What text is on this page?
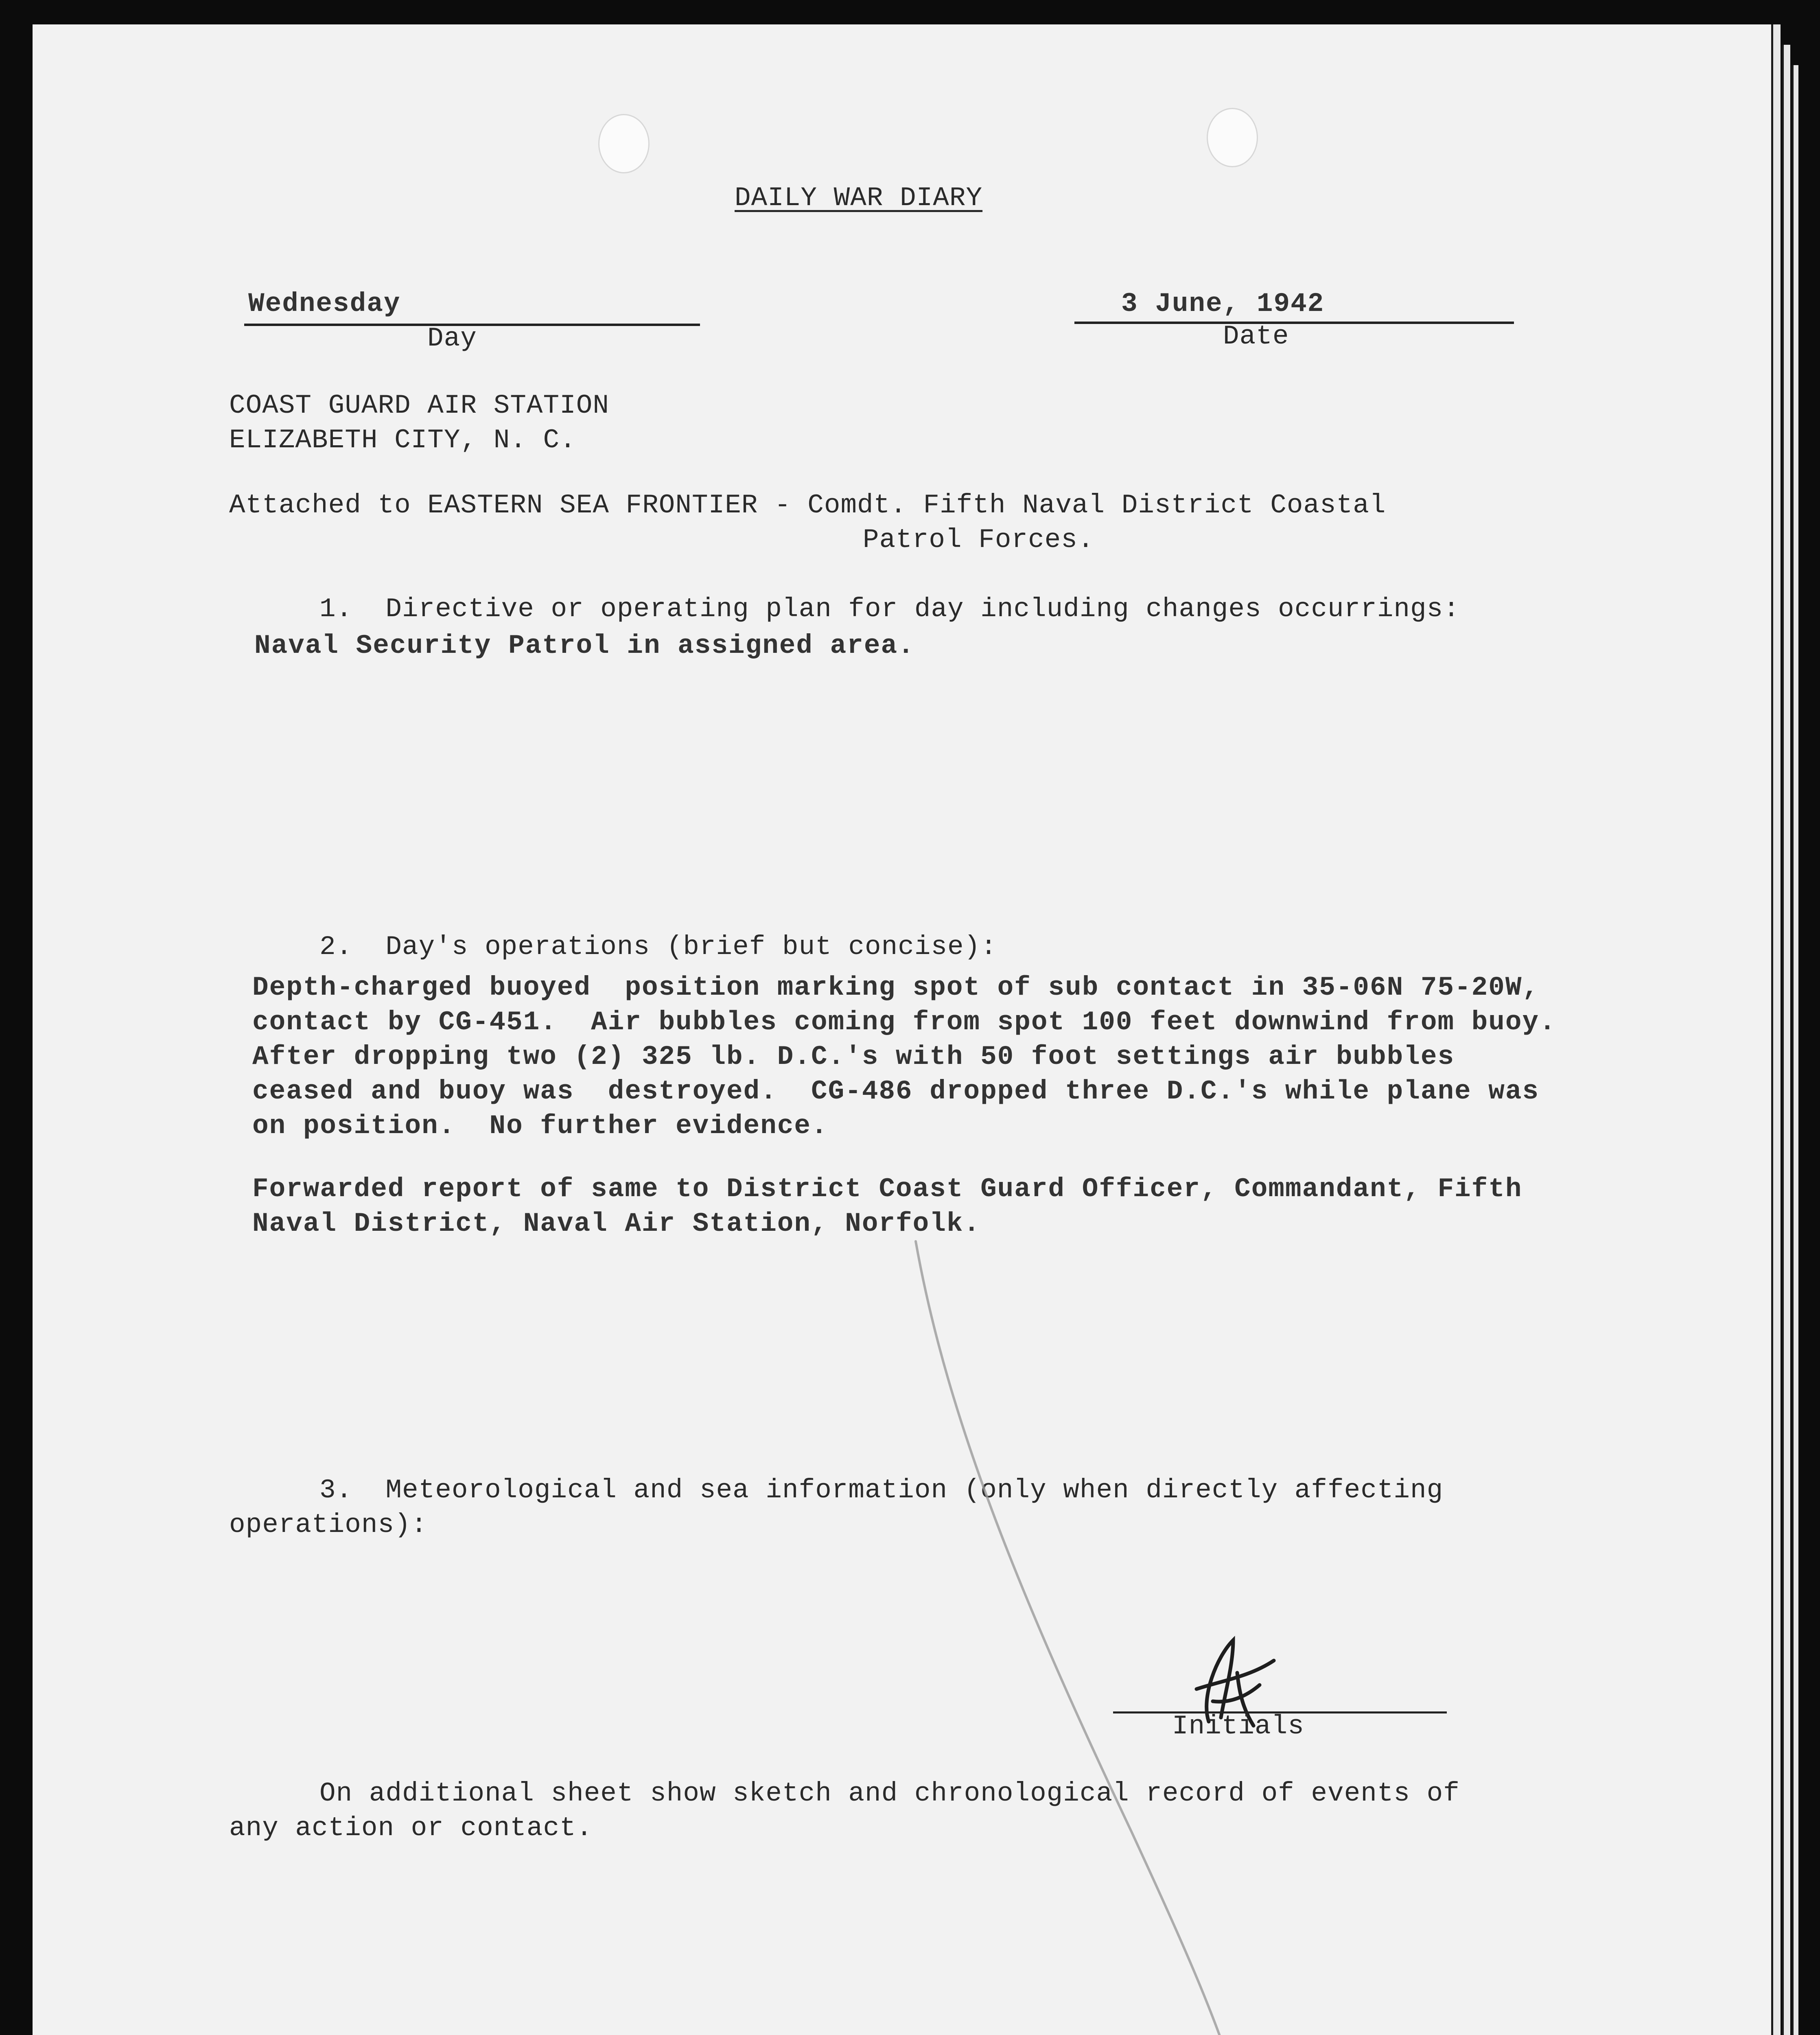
DAILY WAR DIARY
Wednesday
Day
3 June, 1942
Date
COAST GUARD AIR STATION
ELIZABETH CITY, N. C.
Attached to EASTERN SEA FRONTIER - Comdt. Fifth Naval District Coastal
Patrol Forces.
1.  Directive or operating plan for day including changes occurrings:
Naval Security Patrol in assigned area.
2.  Day's operations (brief but concise):
Depth-charged buoyed  position marking spot of sub contact in 35-06N 75-20W,
contact by CG-451.  Air bubbles coming from spot 100 feet downwind from buoy.
After dropping two (2) 325 lb. D.C.'s with 50 foot settings air bubbles
ceased and buoy was  destroyed.  CG-486 dropped three D.C.'s while plane was
on position.  No further evidence.
Forwarded report of same to District Coast Guard Officer, Commandant, Fifth
Naval District, Naval Air Station, Norfolk.
3.  Meteorological and sea information (only when directly affecting
operations):
Initials
On additional sheet show sketch and chronological record of events of
any action or contact.
